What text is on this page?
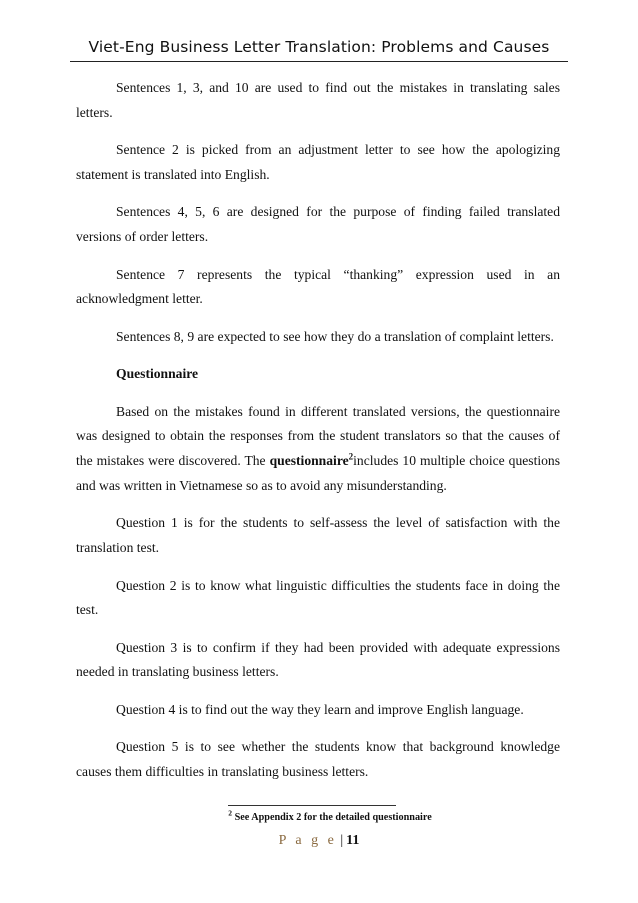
Viet-Eng Business Letter Translation: Problems and Causes

Sentences 1, 3, and 10 are used to find out the mistakes in translating sales letters.

Sentence 2 is picked from an adjustment letter to see how the apologizing statement is translated into English.

Sentences 4, 5, 6 are designed for the purpose of finding failed translated versions of order letters.

Sentence 7 represents the typical “thanking” expression used in an acknowledgment letter.

Sentences 8, 9 are expected to see how they do a translation of complaint letters.

Questionnaire

Based on the mistakes found in different translated versions, the questionnaire was designed to obtain the responses from the student translators so that the causes of the mistakes were discovered. The questionnaire$^2$includes 10 multiple choice questions and was written in Vietnamese so as to avoid any misunderstanding.

Question 1 is for the students to self-assess the level of satisfaction with the translation test.

Question 2 is to know what linguistic difficulties the students face in doing the test.

Question 3 is to confirm if they had been provided with adequate expressions needed in translating business letters.

Question 4 is to find out the way they learn and improve English language.

Question 5 is to see whether the students know that background knowledge causes them difficulties in translating business letters.

$^2$ See Appendix 2 for the detailed questionnaire
P a g e | 11
